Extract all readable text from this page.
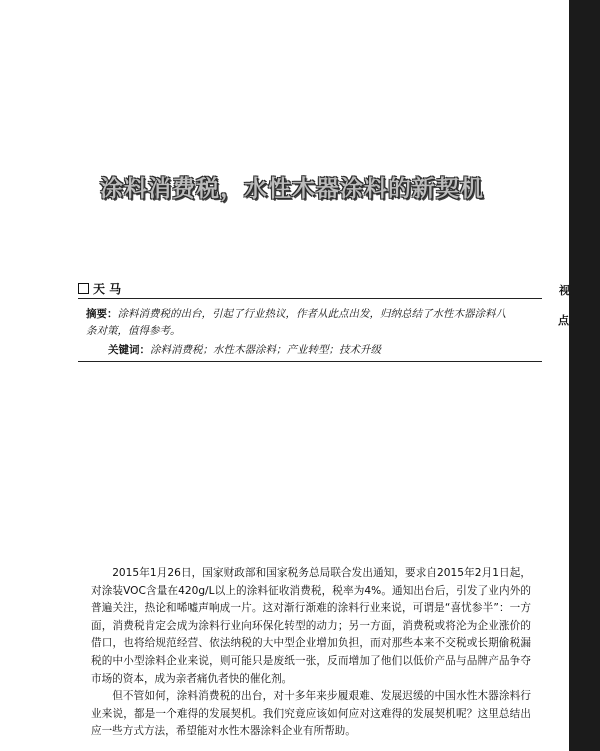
视
点
涂料消费税，水性木器涂料的新契机
天 马
摘要：涂料消费税的出台，引起了行业热议，作者从此点出发，归纳总结了水性木器涂料八条对策，值得参考。
关键词：涂料消费税；水性木器涂料；产业转型；技术升级

2015年1月26日，国家财政部和国家税务总局联合发出通知，要求自2015年2月1日起，对涂装VOC含量在420g/L以上的涂料征收消费税，税率为4%。通知出台后，引发了业内外的普遍关注，热论和唏嘘声响成一片。这对渐行渐难的涂料行业来说，可谓是“喜忧参半”：一方面，消费税肯定会成为涂料行业向环保化转型的动力；另一方面，消费税或将沦为企业涨价的借口，也将给规范经营、依法纳税的大中型企业增加负担，而对那些本来不交税或长期偷税漏税的中小型涂料企业来说，则可能只是废纸一张，反而增加了他们以低价产品与品牌产品争夺市场的资本，成为亲者痛仇者快的催化剂。

但不管如何，涂料消费税的出台，对十多年来步履艰难、发展迟缓的中国水性木器涂料行业来说，都是一个难得的发展契机。我们究竟应该如何应对这难得的发展契机呢？这里总结出应一些方式方法，希望能对水性木器涂料企业有所帮助。
